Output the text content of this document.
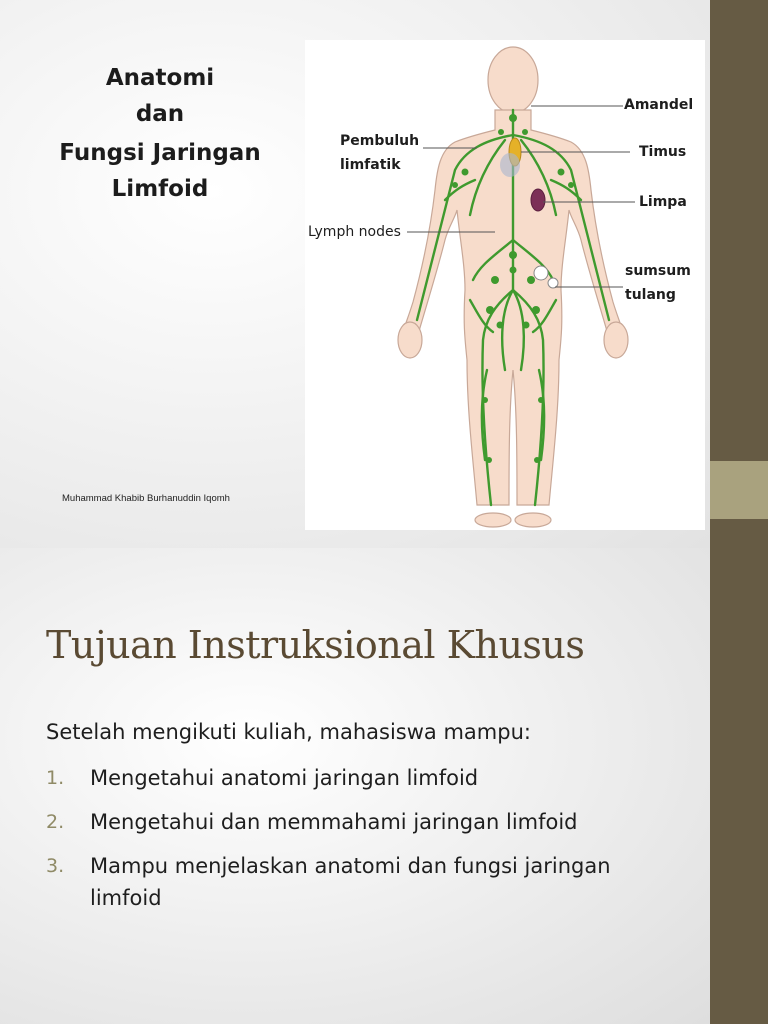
Anatomi
dan
Fungsi Jaringan
Limfoid
Muhammad Khabib Burhanuddin Iqomh
Amandel
Pembuluh
limfatik
Timus
Limpa
Lymph nodes
sumsum
tulang
Tujuan Instruksional Khusus
Setelah mengikuti kuliah, mahasiswa mampu:
1. Mengetahui anatomi jaringan limfoid
2. Mengetahui dan memmahami jaringan limfoid
3. Mampu menjelaskan anatomi dan fungsi jaringan limfoid
